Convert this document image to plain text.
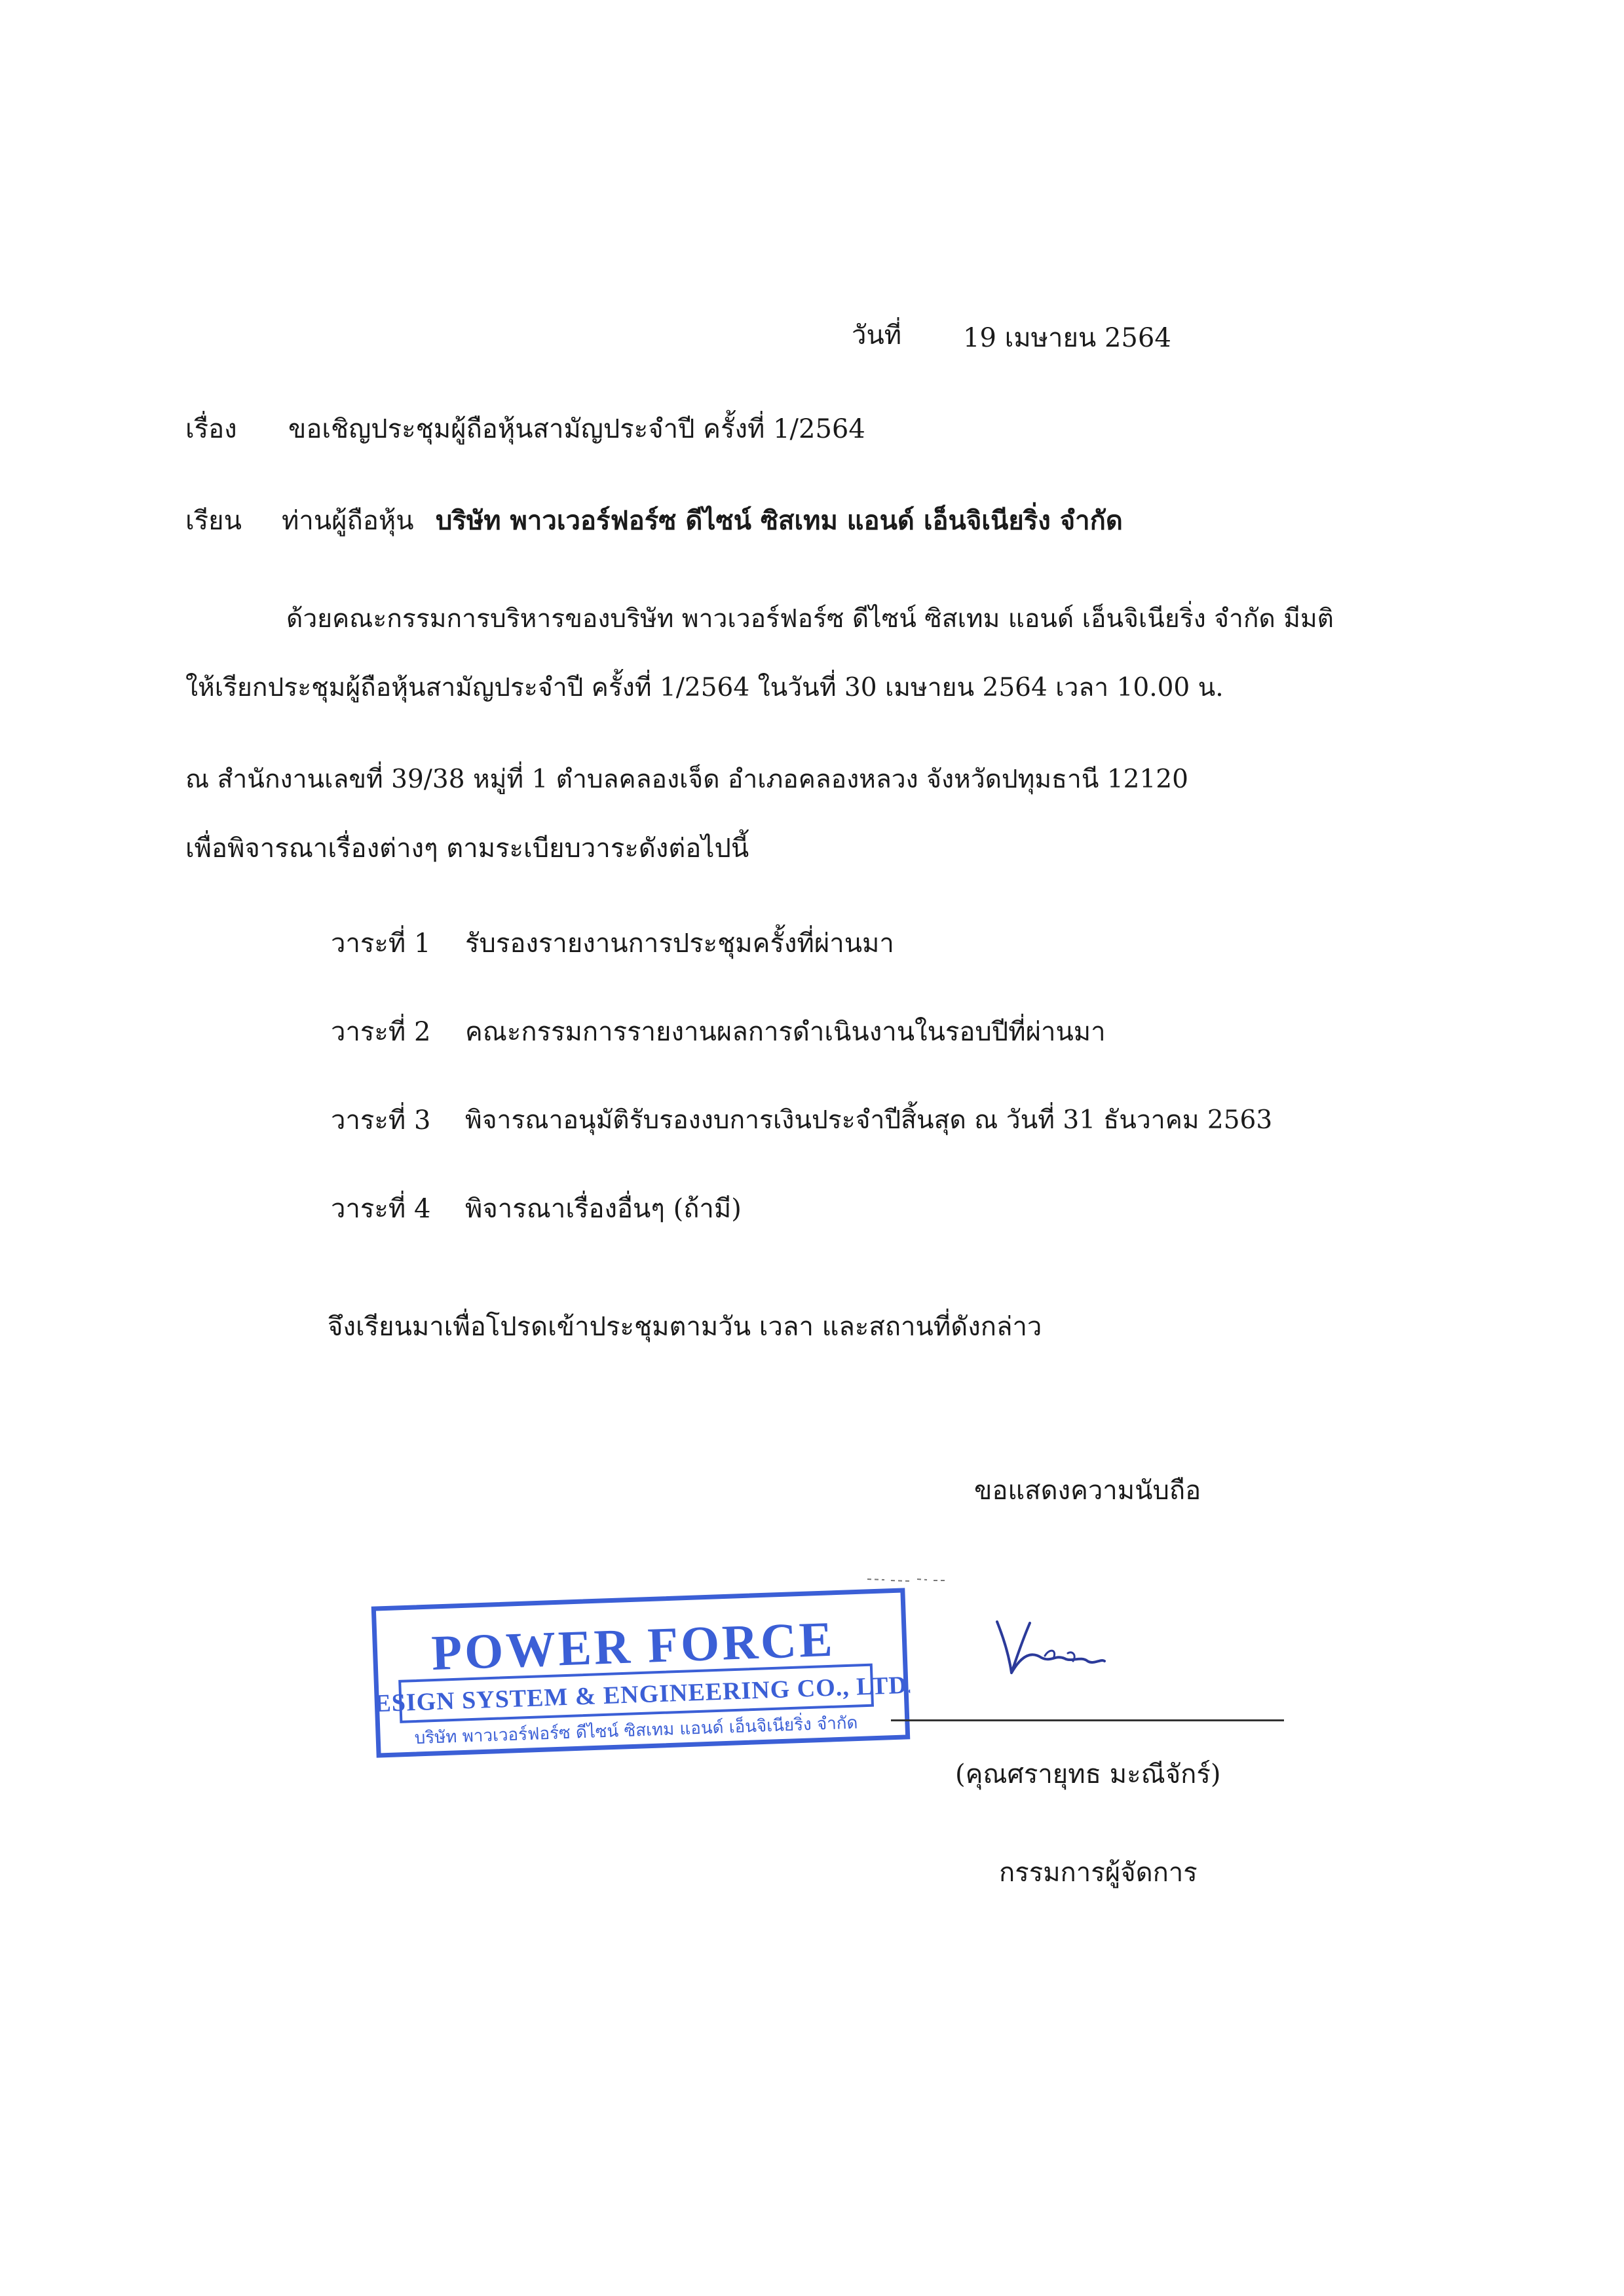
วันที่ 19 เมษายน 2564
เรื่อง ขอเชิญประชุมผู้ถือหุ้นสามัญประจำปี ครั้งที่ 1/2564
เรียน ท่านผู้ถือหุ้น บริษัท พาวเวอร์ฟอร์ซ ดีไซน์ ซิสเทม แอนด์ เอ็นจิเนียริ่ง จำกัด
ด้วยคณะกรรมการบริหารของบริษัท พาวเวอร์ฟอร์ซ ดีไซน์ ซิสเทม แอนด์ เอ็นจิเนียริ่ง จำกัด มีมติ
ให้เรียกประชุมผู้ถือหุ้นสามัญประจำปี ครั้งที่ 1/2564 ในวันที่ 30 เมษายน 2564 เวลา 10.00 น.
ณ สำนักงานเลขที่ 39/38 หมู่ที่ 1 ตำบลคลองเจ็ด อำเภอคลองหลวง จังหวัดปทุมธานี 12120
เพื่อพิจารณาเรื่องต่างๆ ตามระเบียบวาระดังต่อไปนี้
วาระที่ 1 รับรองรายงานการประชุมครั้งที่ผ่านมา
วาระที่ 2 คณะกรรมการรายงานผลการดำเนินงานในรอบปีที่ผ่านมา
วาระที่ 3 พิจารณาอนุมัติรับรองงบการเงินประจำปีสิ้นสุด ณ วันที่ 31 ธันวาคม 2563
วาระที่ 4 พิจารณาเรื่องอื่นๆ (ถ้ามี)
จึงเรียนมาเพื่อโปรดเข้าประชุมตามวัน เวลา และสถานที่ดังกล่าว
ขอแสดงความนับถือ
POWER FORCE
DESIGN SYSTEM & ENGINEERING CO., LTD.
บริษัท พาวเวอร์ฟอร์ซ ดีไซน์ ซิสเทม แอนด์ เอ็นจิเนียริ่ง จำกัด
(คุณศรายุทธ มะณีจักร์)
กรรมการผู้จัดการ
